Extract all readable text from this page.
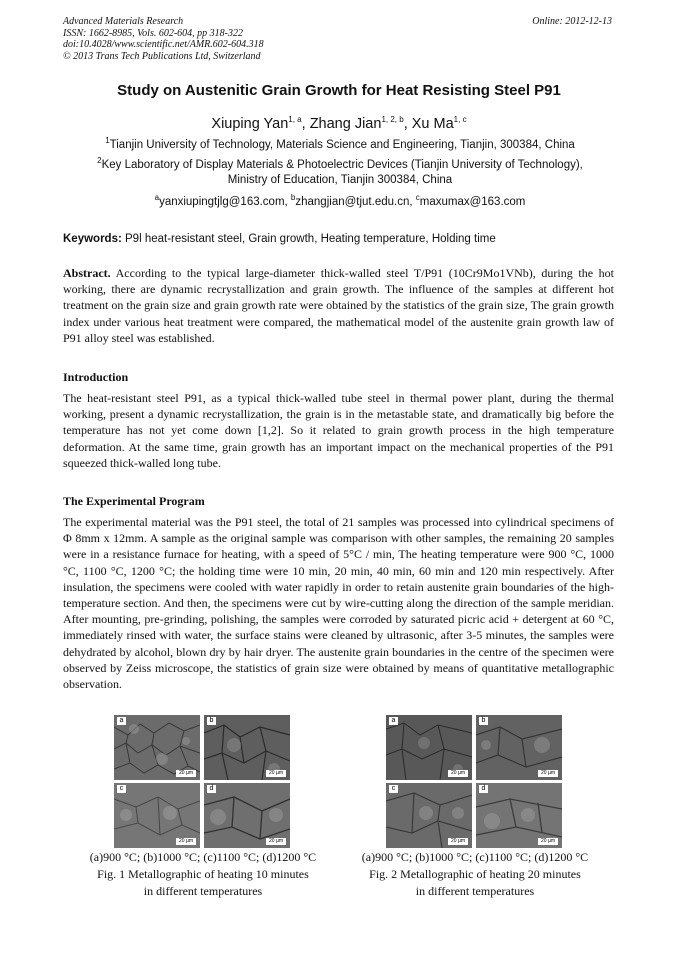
Advanced Materials Research
ISSN: 1662-8985, Vols. 602-604, pp 318-322
doi:10.4028/www.scientific.net/AMR.602-604.318
© 2013 Trans Tech Publications Ltd, Switzerland
Online: 2012-12-13
Study on Austenitic Grain Growth for Heat Resisting Steel P91
Xiuping Yan$^{1, a}$, Zhang Jian$^{1, 2, b}$, Xu Ma$^{1, c}$
$^1$Tianjin University of Technology, Materials Science and Engineering, Tianjin, 300384, China
$^2$Key Laboratory of Display Materials & Photoelectric Devices (Tianjin University of Technology),
Ministry of Education, Tianjin 300384, China
$^a$yanxiupingtjlg@163.com, $^b$zhangjian@tjut.edu.cn, $^c$maxumax@163.com
Keywords: P9l heat-resistant steel, Grain growth, Heating temperature, Holding time
Abstract. According to the typical large-diameter thick-walled steel T/P91 (10Cr9Mo1VNb), during the hot working, there are dynamic recrystallization and grain growth. The influence of the samples at different hot treatment on the grain size and grain growth rate were obtained by the statistics of the grain size, The grain growth index under various heat treatment were compared, the mathematical model of the austenite grain growth law of P91 alloy steel was established.
Introduction
The heat-resistant steel P91, as a typical thick-walled tube steel in thermal power plant, during the thermal working, present a dynamic recrystallization, the grain is in the metastable state, and dramatically big before the temperature has not yet come down [1,2]. So it related to grain growth process in the high temperature deformation. At the same time, grain growth has an important impact on the mechanical properties of the P91 squeezed thick-walled long tube.
The Experimental Program
The experimental material was the P91 steel, the total of 21 samples was processed into cylindrical specimens of Φ 8mm x 12mm. A sample as the original sample was comparison with other samples, the remaining 20 samples were in a resistance furnace for heating, with a speed of 5°C / min, The heating temperature were 900 °C, 1000 °C, 1100 °C, 1200 °C; the holding time were 10 min, 20 min, 40 min, 60 min and 120 min respectively. After insulation, the specimens were cooled with water rapidly in order to retain austenite grain boundaries of the high-temperature section. And then, the specimens were cut by wire-cutting along the direction of the sample meridian. After mounting, pre-grinding, polishing, the samples were corroded by saturated picric acid + detergent at 60 °C, immediately rinsed with water, the surface stains were cleaned by ultrasonic, after 3-5 minutes, the samples were dehydrated by alcohol, blown dry by hair dryer. The austenite grain boundaries in the centre of the specimen were observed by Zeiss microscope, the statistics of grain size were obtained by means of quantitative metallographic observation.
a
20 µm
b
20 µm
c
20 µm
d
20 µm
(a)900 °C; (b)1000 °C; (c)1100 °C; (d)1200 °C
Fig. 1 Metallographic of heating 10 minutes
in different temperatures
a
20 µm
b
20 µm
c
20 µm
d
20 µm
(a)900 °C; (b)1000 °C; (c)1100 °C; (d)1200 °C
Fig. 2 Metallographic of heating 20 minutes
in different temperatures
